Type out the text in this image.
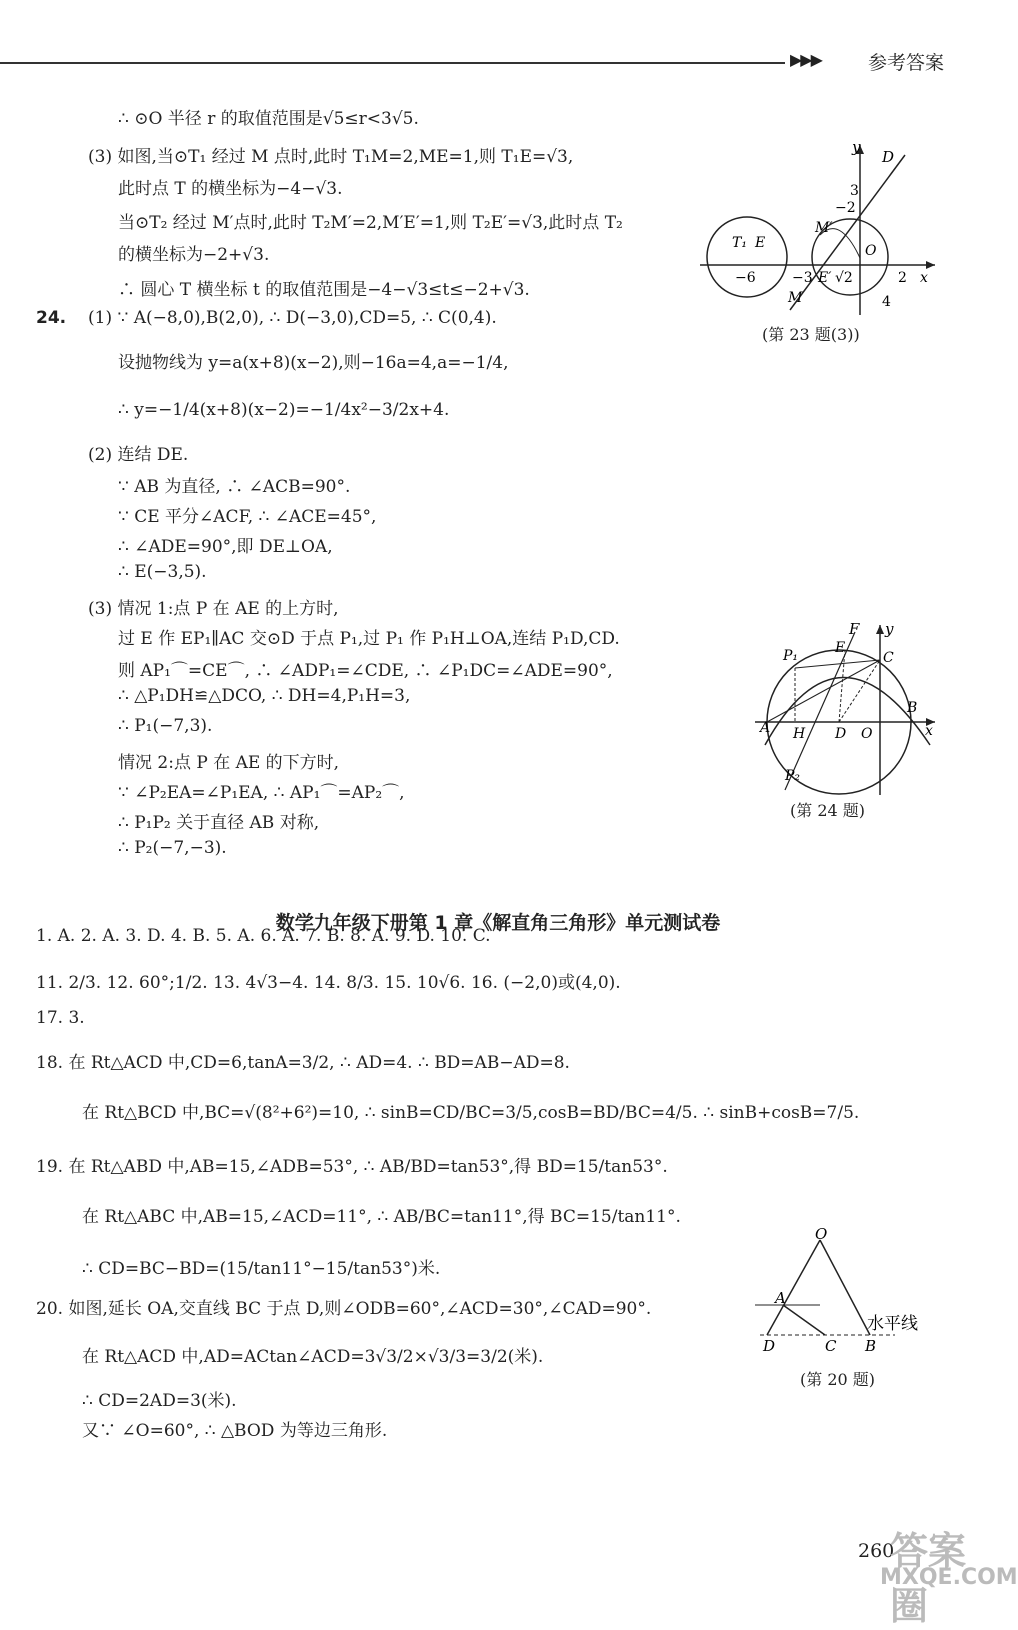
▶▶▶ 参考答案
∴ ⊙O 半径 r 的取值范围是√5≤r<3√5.
(3) 如图,当⊙T₁ 经过 M 点时,此时 T₁M=2,ME=1,则 T₁E=√3,
此时点 T 的横坐标为−4−√3.
当⊙T₂ 经过 M′点时,此时 T₂M′=2,M′E′=1,则 T₂E′=√3,此时点 T₂
的横坐标为−2+√3.
∴ 圆心 T 横坐标 t 的取值范围是−4−√3≤t≤−2+√3.
24. (1) ∵ A(−8,0),B(2,0), ∴ D(−3,0),CD=5, ∴ C(0,4).
设抛物线为 y=a(x+8)(x−2),则−16a=4,a=−1/4,
∴ y=−1/4(x+8)(x−2)=−1/4x²−3/2x+4.
(2) 连结 DE.
∵ AB 为直径, ∴ ∠ACB=90°.
∵ CE 平分∠ACF, ∴ ∠ACE=45°,
∴ ∠ADE=90°,即 DE⊥OA,
∴ E(−3,5).
(3) 情况 1:点 P 在 AE 的上方时,
过 E 作 EP₁∥AC 交⊙D 于点 P₁,过 P₁ 作 P₁H⊥OA,连结 P₁D,CD.
则 AP₁⌒=CE⌒, ∴ ∠ADP₁=∠CDE, ∴ ∠P₁DC=∠ADE=90°,
∴ △P₁DH≌△DCO, ∴ DH=4,P₁H=3,
∴ P₁(−7,3).
情况 2:点 P 在 AE 的下方时,
∵ ∠P₂EA=∠P₁EA, ∴ AP₁⌒=AP₂⌒,
∴ P₁P₂ 关于直径 AB 对称,
∴ P₂(−7,−3).
数学九年级下册第 1 章《解直角三角形》单元测试卷
1. A. 2. A. 3. D. 4. B. 5. A. 6. A. 7. B. 8. A. 9. D. 10. C.
11. 2/3. 12. 60°;1/2. 13. 4√3−4. 14. 8/3. 15. 10√6. 16. (−2,0)或(4,0).
17. 3.
18. 在 Rt△ACD 中,CD=6,tanA=3/2, ∴ AD=4. ∴ BD=AB−AD=8.
在 Rt△BCD 中,BC=√(8²+6²)=10, ∴ sinB=CD/BC=3/5,cosB=BD/BC=4/5. ∴ sinB+cosB=7/5.
19. 在 Rt△ABD 中,AB=15,∠ADB=53°, ∴ AB/BD=tan53°,得 BD=15/tan53°.
在 Rt△ABC 中,AB=15,∠ACD=11°, ∴ AB/BC=tan11°,得 BC=15/tan11°.
∴ CD=BC−BD=(15/tan11°−15/tan53°)米.
20. 如图,延长 OA,交直线 BC 于点 D,则∠ODB=60°,∠ACD=30°,∠CAD=90°.
在 Rt△ACD 中,AD=ACtan∠ACD=3√3/2×√3/3=3/2(米).
∴ CD=2AD=3(米).
又∵ ∠O=60°, ∴ △BOD 为等边三角形.
y
D
3
M′
−2
T₁ E	O
−6	−3 E′ √2	2 x
M	4
(第 23 题(3))
F y
E
P₁	C
A H D O
B
x
P₂
(第 24 题)
O
A
水平线
D	C B
(第 20 题)
260
答案圈
MXQE.COM
